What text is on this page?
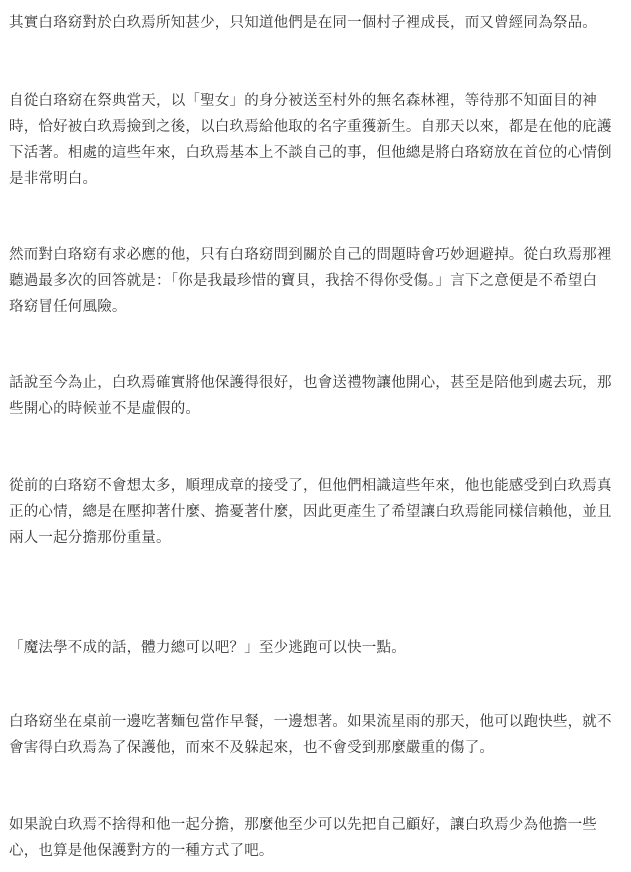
其實白珞窈對於白玖焉所知甚少，只知道他們是在同一個村子裡成長，而又曾經同為祭品。

自從白珞窈在祭典當天，以「聖女」的身分被送至村外的無名森林裡，等待那不知面目的神
時，恰好被白玖焉撿到之後，以白玖焉給他取的名字重獲新生。自那天以來，都是在他的庇護
下活著。相處的這些年來，白玖焉基本上不談自己的事，但他總是將白珞窈放在首位的心情倒
是非常明白。

然而對白珞窈有求必應的他，只有白珞窈問到關於自己的問題時會巧妙迴避掉。從白玖焉那裡
聽過最多次的回答就是：「你是我最珍惜的寶貝，我捨不得你受傷。」言下之意便是不希望白
珞窈冒任何風險。

話說至今為止，白玖焉確實將他保護得很好，也會送禮物讓他開心，甚至是陪他到處去玩，那
些開心的時候並不是虛假的。

從前的白珞窈不會想太多，順理成章的接受了，但他們相識這些年來，他也能感受到白玖焉真
正的心情，總是在壓抑著什麼、擔憂著什麼，因此更產生了希望讓白玖焉能同樣信賴他，並且
兩人一起分擔那份重量。

「魔法學不成的話，體力總可以吧？」至少逃跑可以快一點。

白珞窈坐在桌前一邊吃著麵包當作早餐，一邊想著。如果流星雨的那天，他可以跑快些，就不
會害得白玖焉為了保護他，而來不及躲起來，也不會受到那麼嚴重的傷了。

如果說白玖焉不捨得和他一起分擔，那麼他至少可以先把自己顧好，讓白玖焉少為他擔一些
心，也算是他保護對方的一種方式了吧。
